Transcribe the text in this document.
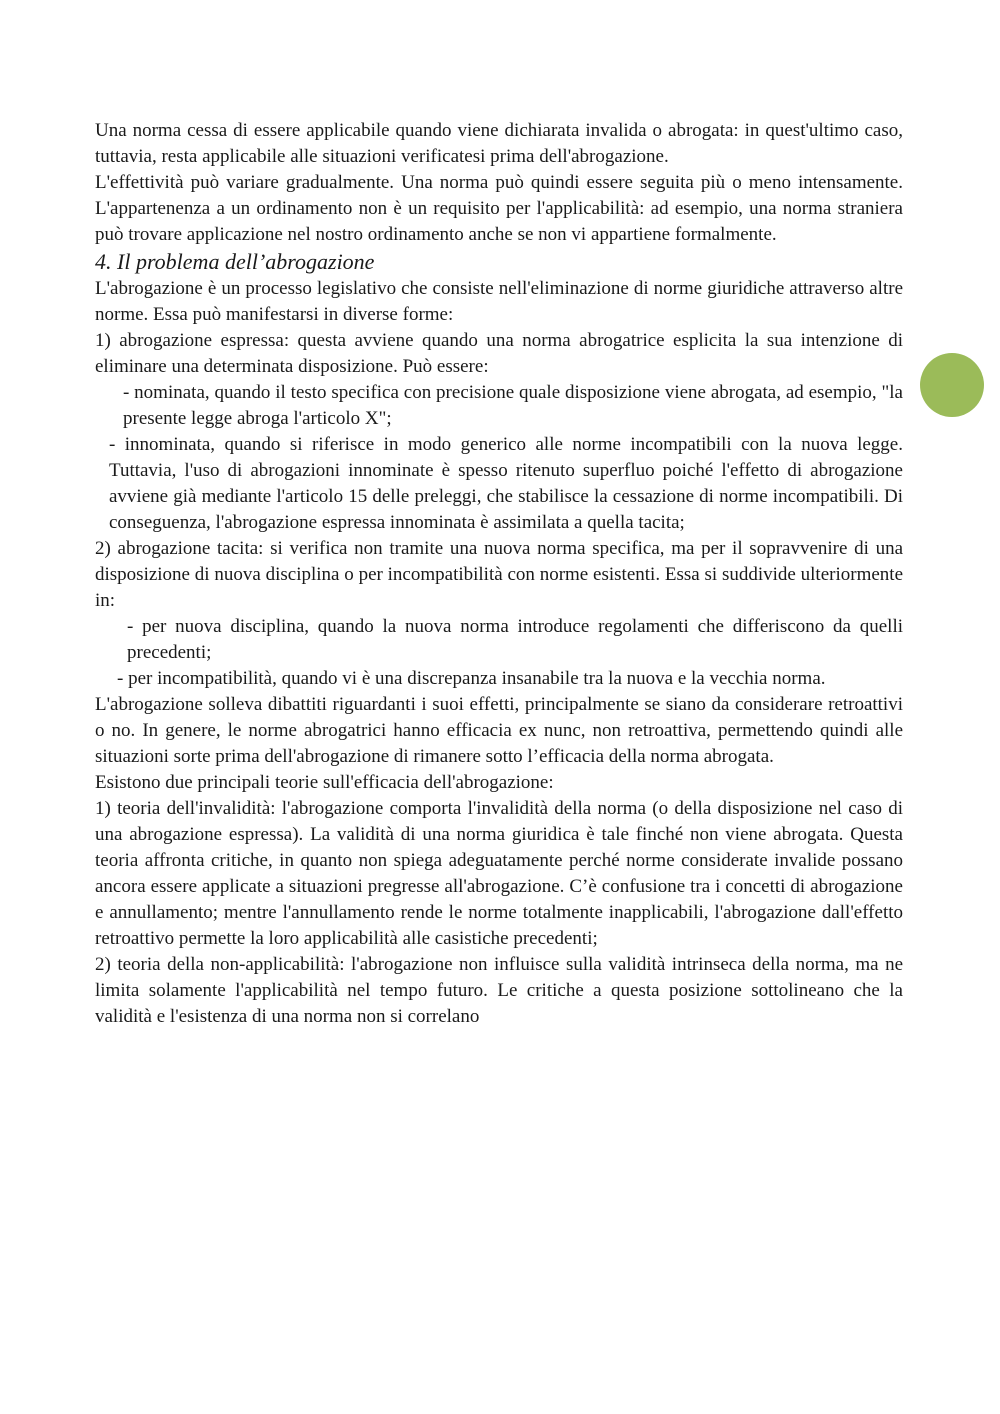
Una norma cessa di essere applicabile quando viene dichiarata invalida o abrogata: in quest'ultimo caso, tuttavia, resta applicabile alle situazioni verificatesi prima dell'abrogazione.

L'effettività può variare gradualmente. Una norma può quindi essere seguita più o meno intensamente. L'appartenenza a un ordinamento non è un requisito per l'applicabilità: ad esempio, una norma straniera può trovare applicazione nel nostro ordinamento anche se non vi appartiene formalmente.

4. Il problema dell’abrogazione

L'abrogazione è un processo legislativo che consiste nell'eliminazione di norme giuridiche attraverso altre norme. Essa può manifestarsi in diverse forme:

1) abrogazione espressa: questa avviene quando una norma abrogatrice esplicita la sua intenzione di eliminare una determinata disposizione. Può essere:

- nominata, quando il testo specifica con precisione quale disposizione viene abrogata, ad esempio, "la presente legge abroga l'articolo X";

- innominata, quando si riferisce in modo generico alle norme incompatibili con la nuova legge. Tuttavia, l'uso di abrogazioni innominate è spesso ritenuto superfluo poiché l'effetto di abrogazione avviene già mediante l'articolo 15 delle preleggi, che stabilisce la cessazione di norme incompatibili. Di conseguenza, l'abrogazione espressa innominata è assimilata a quella tacita;

2) abrogazione tacita: si verifica non tramite una nuova norma specifica, ma per il sopravvenire di una disposizione di nuova disciplina o per incompatibilità con norme esistenti. Essa si suddivide ulteriormente in:

- per nuova disciplina, quando la nuova norma introduce regolamenti che differiscono da quelli precedenti;

- per incompatibilità, quando vi è una discrepanza insanabile tra la nuova e la vecchia norma.

L'abrogazione solleva dibattiti riguardanti i suoi effetti, principalmente se siano da considerare retroattivi o no. In genere, le norme abrogatrici hanno efficacia ex nunc, non retroattiva, permettendo quindi alle situazioni sorte prima dell'abrogazione di rimanere sotto l’efficacia della norma abrogata.

Esistono due principali teorie sull'efficacia dell'abrogazione:

1) teoria dell'invalidità: l'abrogazione comporta l'invalidità della norma (o della disposizione nel caso di una abrogazione espressa). La validità di una norma giuridica è tale finché non viene abrogata. Questa teoria affronta critiche, in quanto non spiega adeguatamente perché norme considerate invalide possano ancora essere applicate a situazioni pregresse all'abrogazione. C’è confusione tra i concetti di abrogazione e annullamento; mentre l'annullamento rende le norme totalmente inapplicabili, l'abrogazione dall'effetto retroattivo permette la loro applicabilità alle casistiche precedenti;

2) teoria della non-applicabilità: l'abrogazione non influisce sulla validità intrinseca della norma, ma ne limita solamente l'applicabilità nel tempo futuro. Le critiche a questa posizione sottolineano che la validità e l'esistenza di una norma non si correlano
